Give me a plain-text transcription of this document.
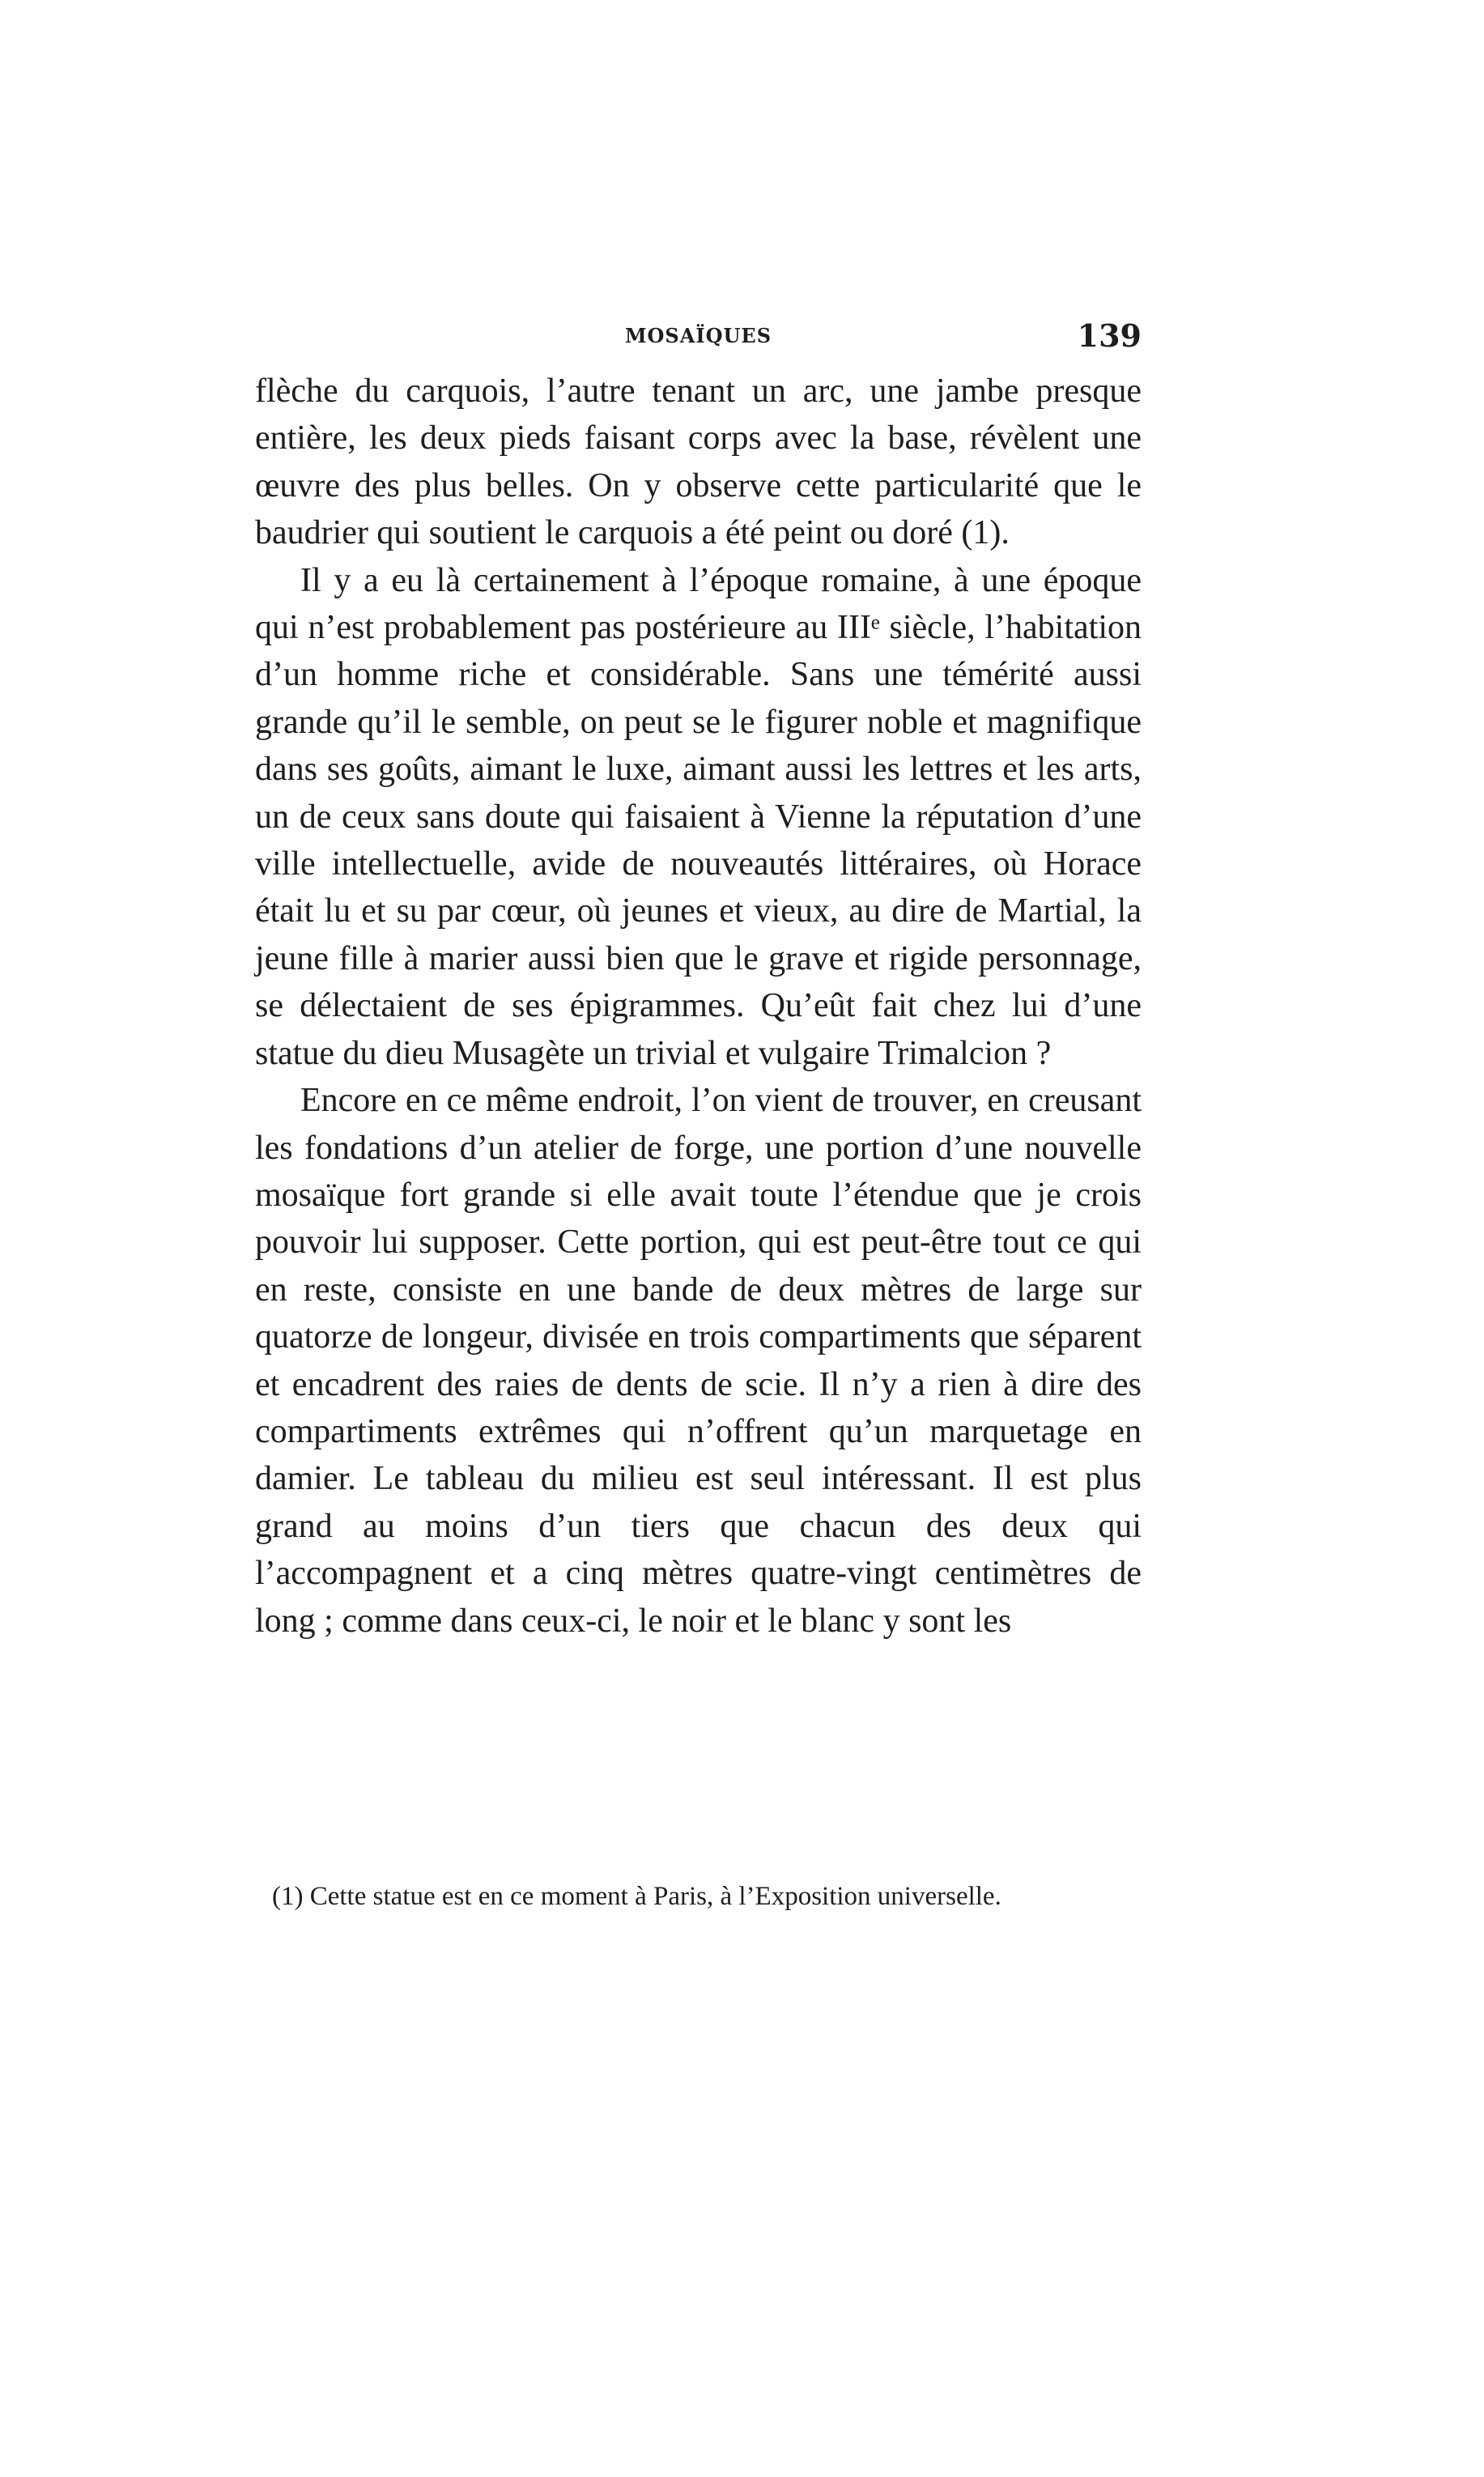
MOSAÏQUES	139

flèche du carquois, l’autre tenant un arc, une jambe presque entière, les deux pieds faisant corps avec la base, révèlent une œuvre des plus belles. On y observe cette particularité que le baudrier qui soutient le carquois a été peint ou doré (1).

Il y a eu là certainement à l’époque romaine, à une époque qui n’est probablement pas postérieure au IIIᵉ siècle, l’habitation d’un homme riche et considérable. Sans une témérité aussi grande qu’il le semble, on peut se le figurer noble et magnifique dans ses goûts, aimant le luxe, aimant aussi les lettres et les arts, un de ceux sans doute qui faisaient à Vienne la réputation d’une ville intellectuelle, avide de nouveautés littéraires, où Horace était lu et su par cœur, où jeunes et vieux, au dire de Martial, la jeune fille à marier aussi bien que le grave et rigide personnage, se délectaient de ses épigrammes. Qu’eût fait chez lui d’une statue du dieu Musagète un trivial et vulgaire Trimalcion ?

Encore en ce même endroit, l’on vient de trouver, en creusant les fondations d’un atelier de forge, une portion d’une nouvelle mosaïque fort grande si elle avait toute l’étendue que je crois pouvoir lui supposer. Cette portion, qui est peut-être tout ce qui en reste, consiste en une bande de deux mètres de large sur quatorze de longeur, divisée en trois compartiments que séparent et encadrent des raies de dents de scie. Il n’y a rien à dire des compartiments extrêmes qui n’offrent qu’un marquetage en damier. Le tableau du milieu est seul intéressant. Il est plus grand au moins d’un tiers que chacun des deux qui l’accompagnent et a cinq mètres quatre-vingt centimètres de long ; comme dans ceux-ci, le noir et le blanc y sont les

(1) Cette statue est en ce moment à Paris, à l’Exposition universelle.
